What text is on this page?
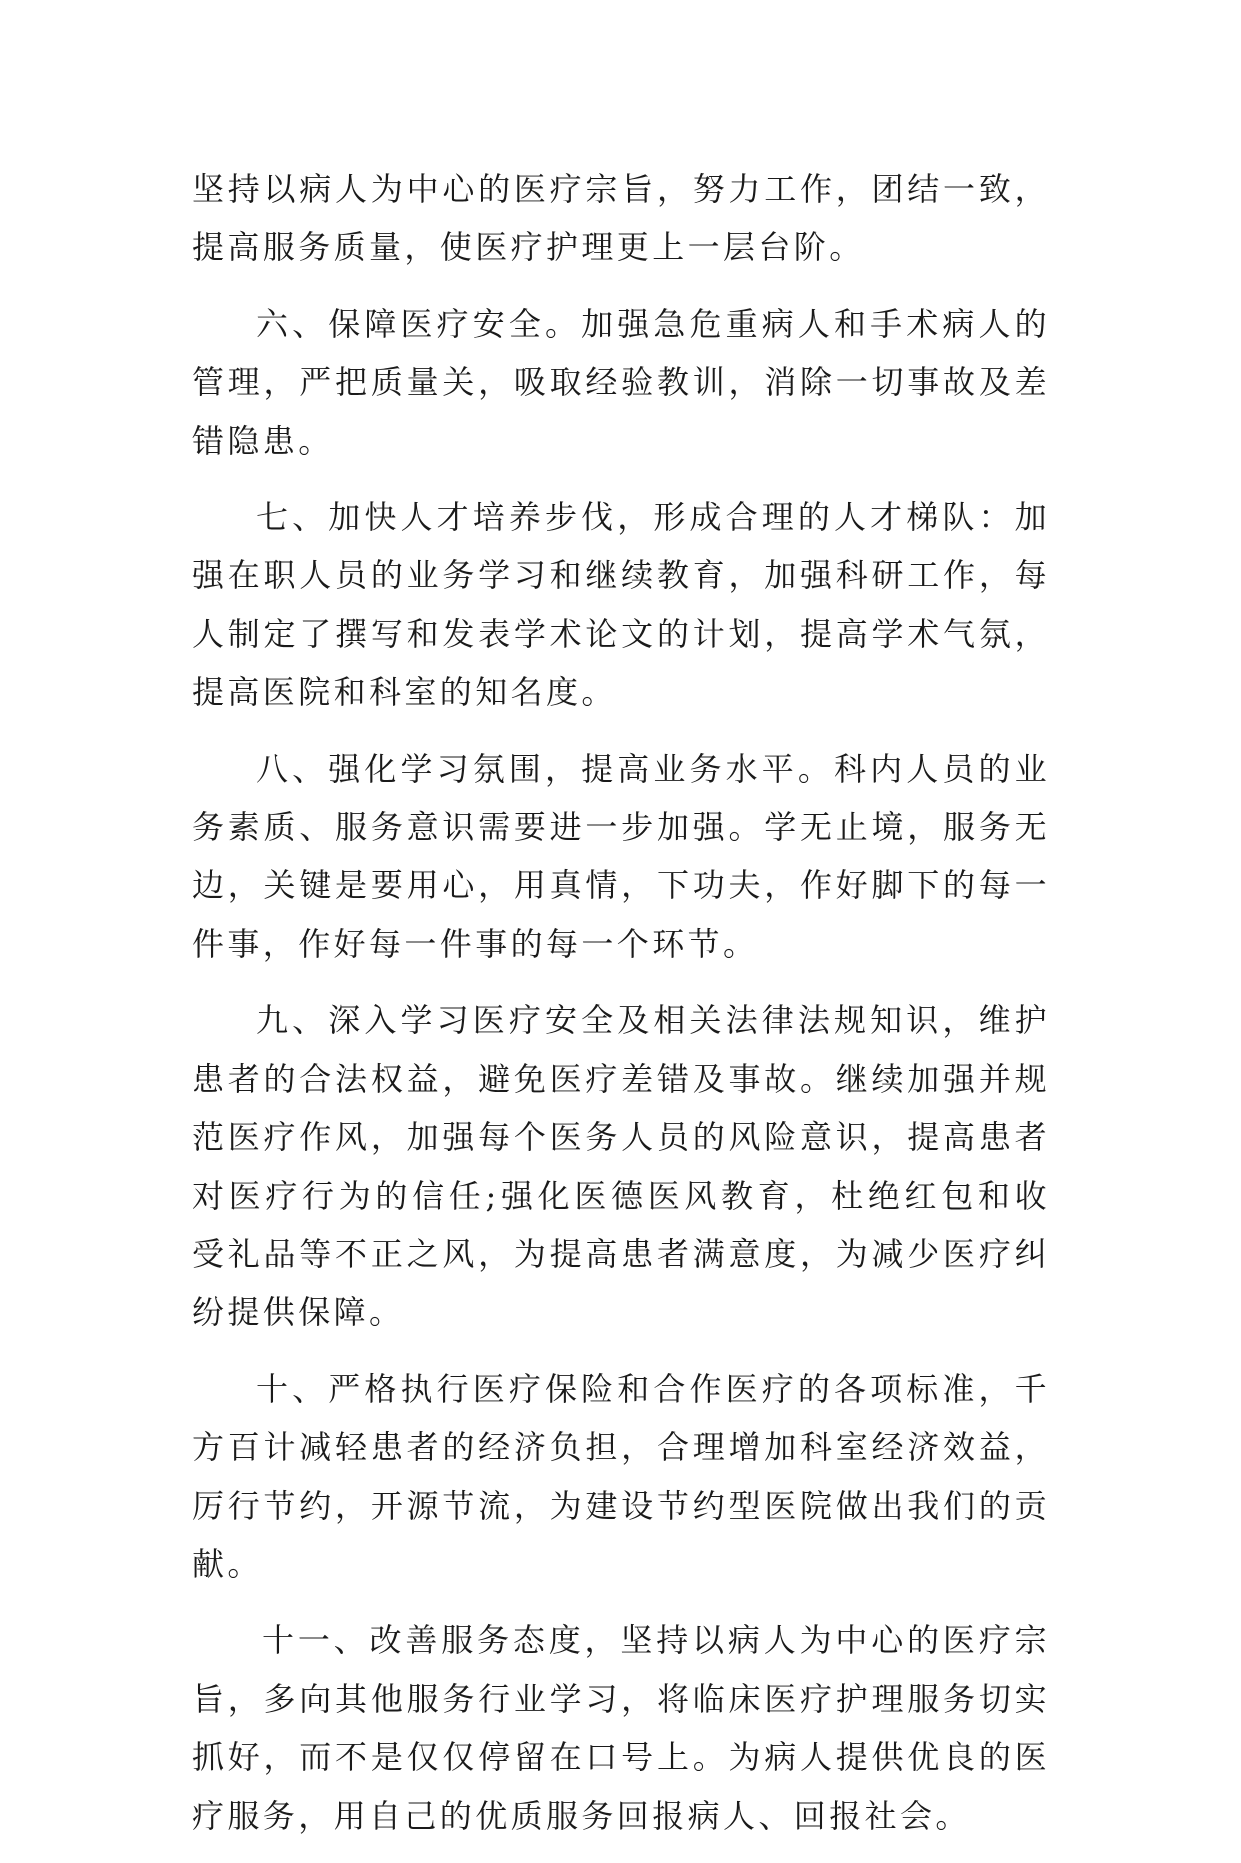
坚持以病人为中心的医疗宗旨，努力工作，团结一致，提高服务质量，使医疗护理更上一层台阶。

六、保障医疗安全。加强急危重病人和手术病人的管理，严把质量关，吸取经验教训，消除一切事故及差错隐患。

七、加快人才培养步伐，形成合理的人才梯队：加强在职人员的业务学习和继续教育，加强科研工作，每人制定了撰写和发表学术论文的计划，提高学术气氛，提高医院和科室的知名度。

八、强化学习氛围，提高业务水平。科内人员的业务素质、服务意识需要进一步加强。学无止境，服务无边，关键是要用心，用真情，下功夫，作好脚下的每一件事，作好每一件事的每一个环节。

九、深入学习医疗安全及相关法律法规知识，维护患者的合法权益，避免医疗差错及事故。继续加强并规范医疗作风，加强每个医务人员的风险意识，提高患者对医疗行为的信任;强化医德医风教育，杜绝红包和收受礼品等不正之风，为提高患者满意度，为减少医疗纠纷提供保障。

十、严格执行医疗保险和合作医疗的各项标准，千方百计减轻患者的经济负担，合理增加科室经济效益，厉行节约，开源节流，为建设节约型医院做出我们的贡献。

十一、改善服务态度，坚持以病人为中心的医疗宗旨，多向其他服务行业学习，将临床医疗护理服务切实抓好，而不是仅仅停留在口号上。为病人提供优良的医疗服务，用自己的优质服务回报病人、回报社会。
